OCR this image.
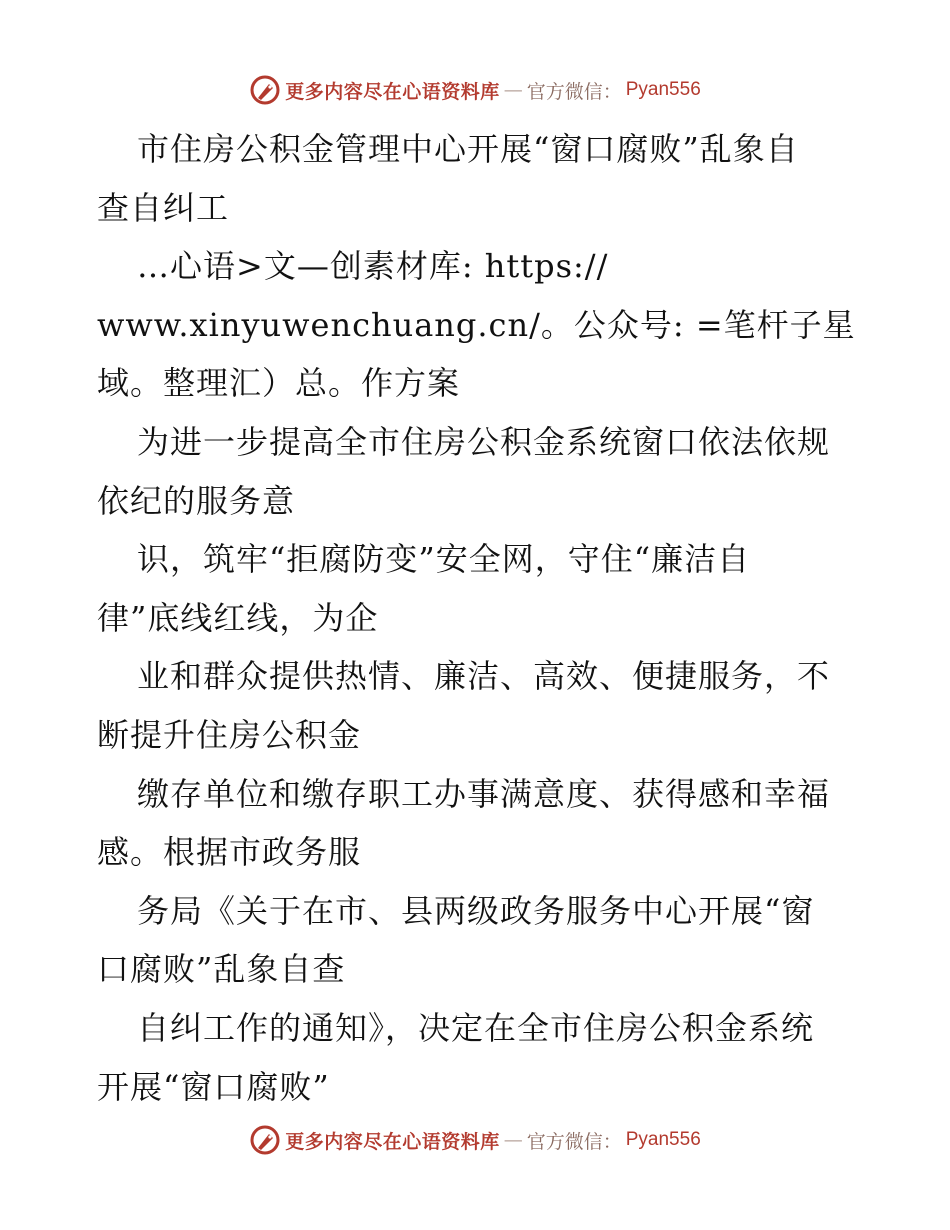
更多内容尽在心语资料库 — 官方微信： Pyan556
市住房公积金管理中心开展“窗口腐败”乱象自
查自纠工
…心语>文—创素材库: https://
www.xinyuwenchuang.cn/。公众号: =笔杆子星
域。整理汇）总。作方案
为进一步提高全市住房公积金系统窗口依法依规
依纪的服务意
识，筑牢“拒腐防变”安全网，守住“廉洁自
律”底线红线，为企
业和群众提供热情、廉洁、高效、便捷服务，不
断提升住房公积金
缴存单位和缴存职工办事满意度、获得感和幸福
感。根据市政务服
务局《关于在市、县两级政务服务中心开展“窗
口腐败”乱象自查
自纠工作的通知》，决定在全市住房公积金系统
开展“窗口腐败”
更多内容尽在心语资料库 — 官方微信： Pyan556
